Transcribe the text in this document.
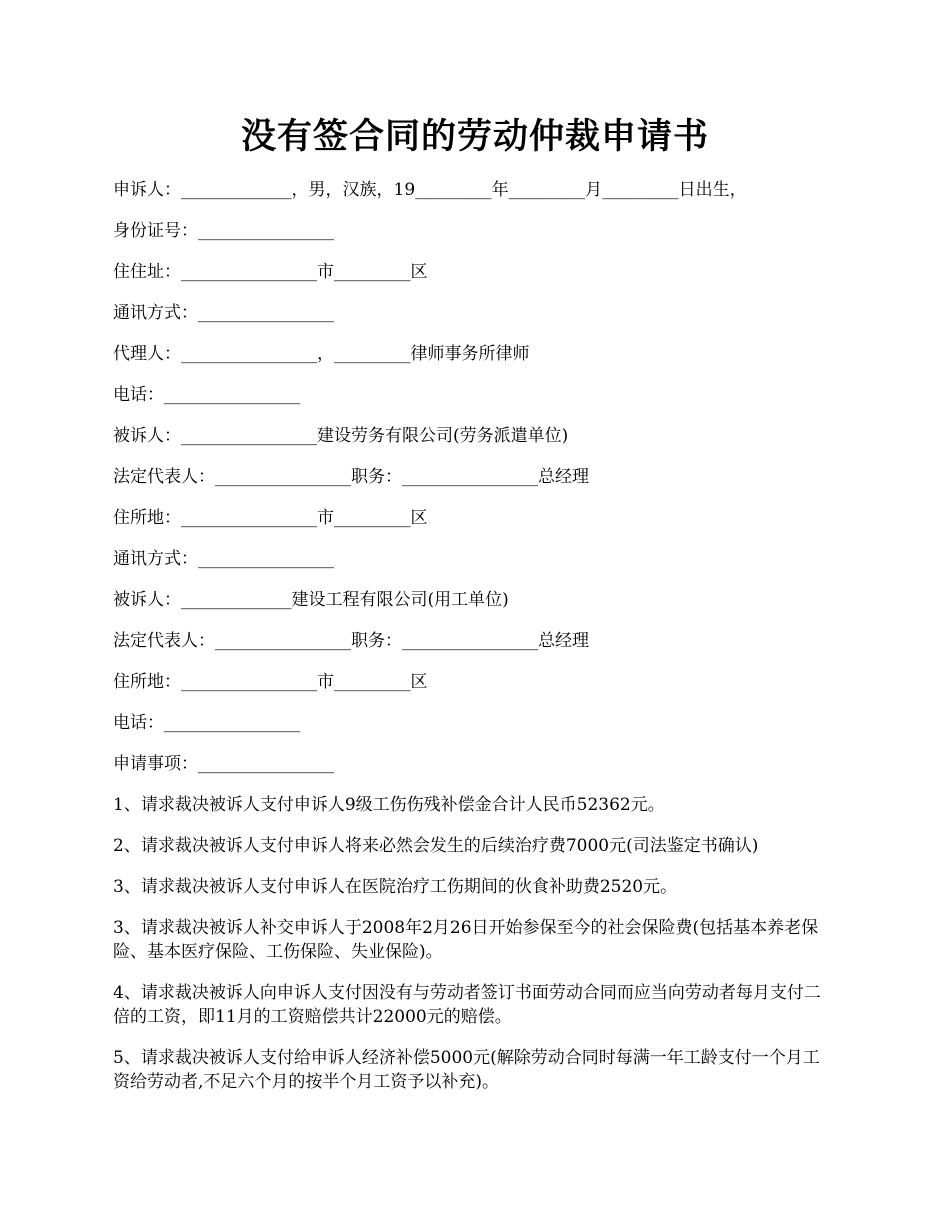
没有签合同的劳动仲裁申请书
申诉人：_____________，男，汉族，19_________年_________月_________日出生，
身份证号：________________
住住址：________________市_________区
通讯方式：________________
代理人：________________，_________律师事务所律师
电话：________________
被诉人：________________建设劳务有限公司(劳务派遣单位)
法定代表人：________________职务：________________总经理
住所地：________________市_________区
通讯方式：________________
被诉人：_____________建设工程有限公司(用工单位)
法定代表人：________________职务：________________总经理
住所地：________________市_________区
电话：________________
申请事项：________________
1、请求裁决被诉人支付申诉人9级工伤伤残补偿金合计人民币52362元。
2、请求裁决被诉人支付申诉人将来必然会发生的后续治疗费7000元(司法鉴定书确认)
3、请求裁决被诉人支付申诉人在医院治疗工伤期间的伙食补助费2520元。
3、请求裁决被诉人补交申诉人于2008年2月26日开始参保至今的社会保险费(包括基本养老保险、基本医疗保险、工伤保险、失业保险)。
4、请求裁决被诉人向申诉人支付因没有与劳动者签订书面劳动合同而应当向劳动者每月支付二倍的工资，即11月的工资赔偿共计22000元的赔偿。
5、请求裁决被诉人支付给申诉人经济补偿5000元(解除劳动合同时每满一年工龄支付一个月工资给劳动者,不足六个月的按半个月工资予以补充)。
